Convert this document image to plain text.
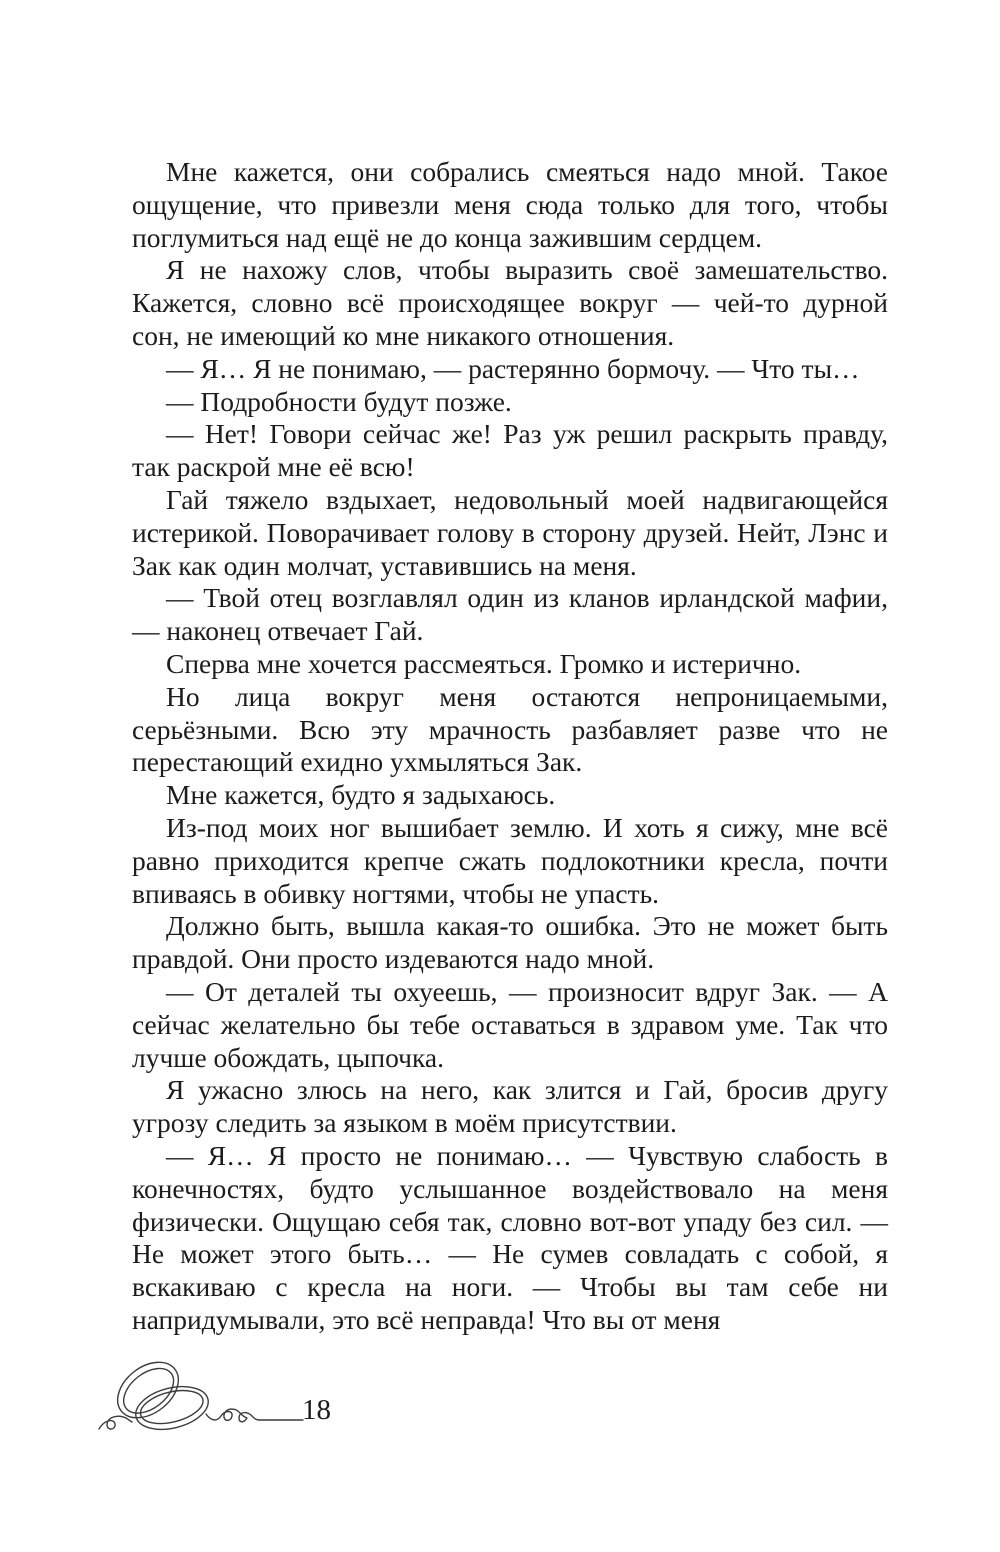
Мне кажется, они собрались смеяться надо мной. Такое ощущение, что привезли меня сюда только для того, чтобы поглумиться над ещё не до конца зажившим сердцем.

Я не нахожу слов, чтобы выразить своё замешательство. Кажется, словно всё происходящее вокруг — чей-то дурной сон, не имеющий ко мне никакого отношения.

— Я… Я не понимаю, — растерянно бормочу. — Что ты…

— Подробности будут позже.

— Нет! Говори сейчас же! Раз уж решил раскрыть правду, так раскрой мне её всю!

Гай тяжело вздыхает, недовольный моей надвигающейся истерикой. Поворачивает голову в сторону друзей. Нейт, Лэнс и Зак как один молчат, уставившись на меня.

— Твой отец возглавлял один из кланов ирландской мафии, — наконец отвечает Гай.

Сперва мне хочется рассмеяться. Громко и истерично.

Но лица вокруг меня остаются непроницаемыми, серьёзными. Всю эту мрачность разбавляет разве что не перестающий ехидно ухмыляться Зак.

Мне кажется, будто я задыхаюсь.

Из-под моих ног вышибает землю. И хоть я сижу, мне всё равно приходится крепче сжать подлокотники кресла, почти впиваясь в обивку ногтями, чтобы не упасть.

Должно быть, вышла какая-то ошибка. Это не может быть правдой. Они просто издеваются надо мной.

— От деталей ты охуеешь, — произносит вдруг Зак. — А сейчас желательно бы тебе оставаться в здравом уме. Так что лучше обождать, цыпочка.

Я ужасно злюсь на него, как злится и Гай, бросив другу угрозу следить за языком в моём присутствии.

— Я… Я просто не понимаю… — Чувствую слабость в конечностях, будто услышанное воздействовало на меня физически. Ощущаю себя так, словно вот-вот упаду без сил. — Не может этого быть… — Не сумев совладать с собой, я вскакиваю с кресла на ноги. — Чтобы вы там себе ни напридумывали, это всё неправда! Что вы от меня

18
